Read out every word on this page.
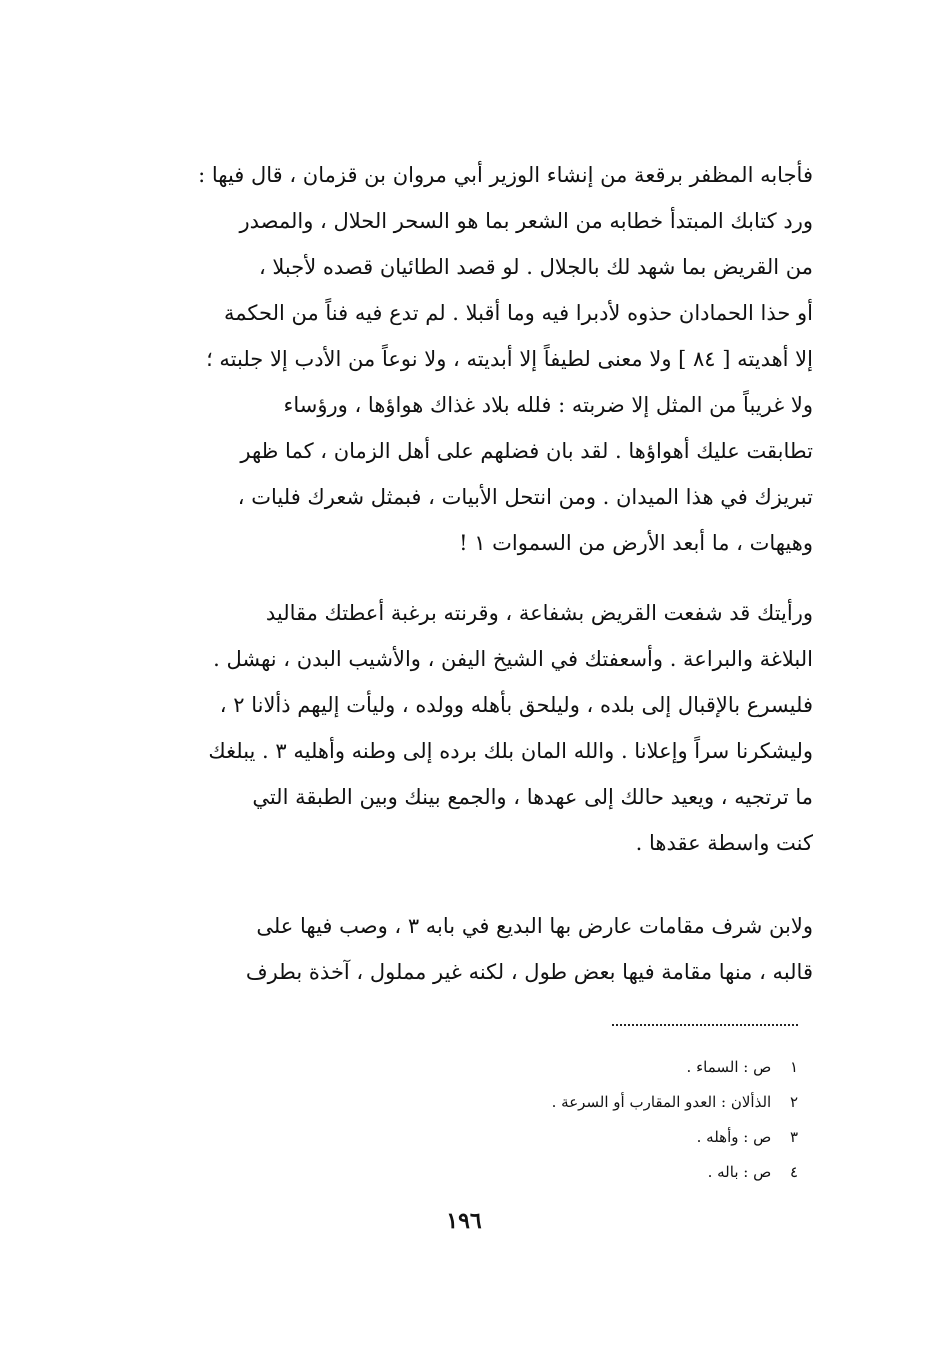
فأجابه المظفر برقعة من إنشاء الوزير أبي مروان بن قزمان ، قال فيها :
ورد كتابك المبتدأ خطابه من الشعر بما هو السحر الحلال ، والمصدر
من القريض بما شهد لك بالجلال . لو قصد الطائيان قصده لأجبلا ،
أو حذا الحمادان حذوه لأدبرا فيه وما أقبلا . لم تدع فيه فناً من الحكمة
إلا أهديته [ ٨٤ ] ولا معنى لطيفاً إلا أبديته ، ولا نوعاً من الأدب إلا جلبته ؛
ولا غريباً من المثل إلا ضربته : فلله بلاد غذاك هواؤها ، ورؤساء
تطابقت عليك أهواؤها . لقد بان فضلهم على أهل الزمان ، كما ظهر
تبريزك في هذا الميدان . ومن انتحل الأبيات ، فبمثل شعرك فليات ،
وهيهات ، ما أبعد الأرض من السموات ١ !
ورأيتك قد شفعت القريض بشفاعة ، وقرنته برغبة أعطتك مقاليد
البلاغة والبراعة . وأسعفتك في الشيخ اليفن ، والأشيب البدن ، نهشل .
فليسرع بالإقبال إلى بلده ، وليلحق بأهله وولده ، وليأت إليهم ذألانا ٢ ،
وليشكرنا سراً وإعلانا . والله المان بلك برده إلى وطنه وأهليه ٣ . يبلغك
ما ترتجيه ، ويعيد حالك إلى عهدها ، والجمع بينك وبين الطبقة التي
كنت واسطة عقدها .
ولابن شرف مقامات عارض بها البديع في بابه ٣ ، وصب فيها على
قالبه ، منها مقامة فيها بعض طول ، لكنه غير مملول ، آخذة بطرف
١ ص : السماء .
٢ الذألان : العدو المقارب أو السرعة .
٣ ص : وأهله .
٤ ص : باله .
١٩٦
